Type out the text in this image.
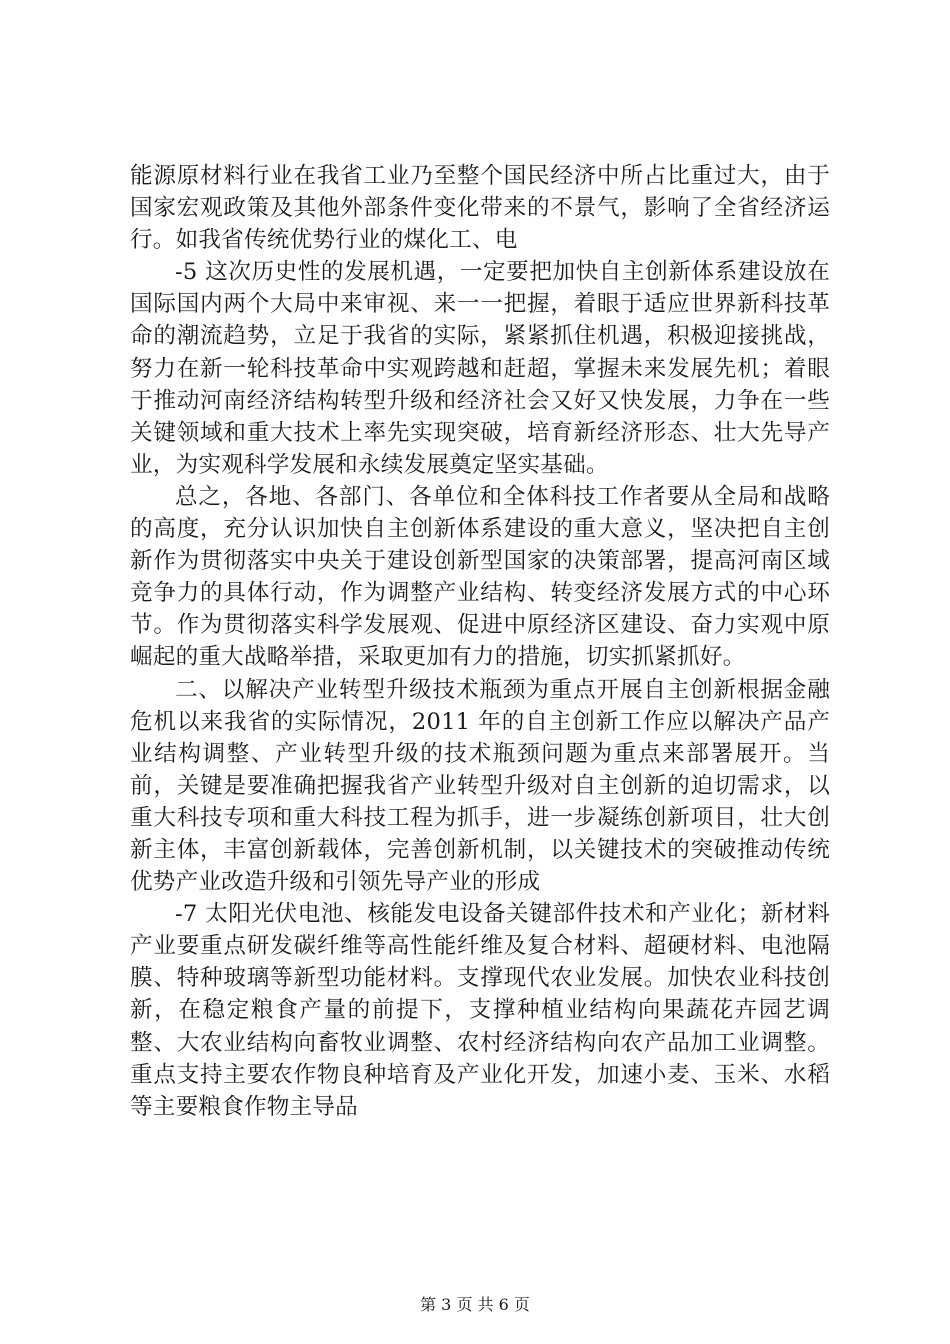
能源原材料行业在我省工业乃至整个国民经济中所占比重过大，由于国家宏观政策及其他外部条件变化带来的不景气，影响了全省经济运行。如我省传统优势行业的煤化工、电

-5 这次历史性的发展机遇，一定要把加快自主创新体系建设放在国际国内两个大局中来审视、来一一把握，着眼于适应世界新科技革命的潮流趋势，立足于我省的实际，紧紧抓住机遇，积极迎接挑战，努力在新一轮科技革命中实观跨越和赶超，掌握未来发展先机；着眼于推动河南经济结构转型升级和经济社会又好又快发展，力争在一些关键领域和重大技术上率先实现突破，培育新经济形态、壮大先导产业，为实观科学发展和永续发展奠定坚实基础。

总之，各地、各部门、各单位和全体科技工作者要从全局和战略的高度，充分认识加快自主创新体系建设的重大意义，坚决把自主创新作为贯彻落实中央关于建设创新型国家的决策部署，提高河南区域竞争力的具体行动，作为调整产业结构、转变经济发展方式的中心环节。作为贯彻落实科学发展观、促进中原经济区建设、奋力实观中原崛起的重大战略举措，采取更加有力的措施，切实抓紧抓好。

二、以解决产业转型升级技术瓶颈为重点开展自主创新根据金融危机以来我省的实际情况，2011 年的自主创新工作应以解决产品产业结构调整、产业转型升级的技术瓶颈问题为重点来部署展开。当前，关键是要准确把握我省产业转型升级对自主创新的迫切需求，以重大科技专项和重大科技工程为抓手，进一步凝练创新项目，壮大创新主体，丰富创新载体，完善创新机制，以关键技术的突破推动传统优势产业改造升级和引领先导产业的形成

-7 太阳光伏电池、核能发电设备关键部件技术和产业化；新材料产业要重点研发碳纤维等高性能纤维及复合材料、超硬材料、电池隔膜、特种玻璃等新型功能材料。支撑现代农业发展。加快农业科技创新，在稳定粮食产量的前提下，支撑种植业结构向果蔬花卉园艺调整、大农业结构向畜牧业调整、农村经济结构向农产品加工业调整。重点支持主要农作物良种培育及产业化开发，加速小麦、玉米、水稻等主要粮食作物主导品

第 3 页 共 6 页
